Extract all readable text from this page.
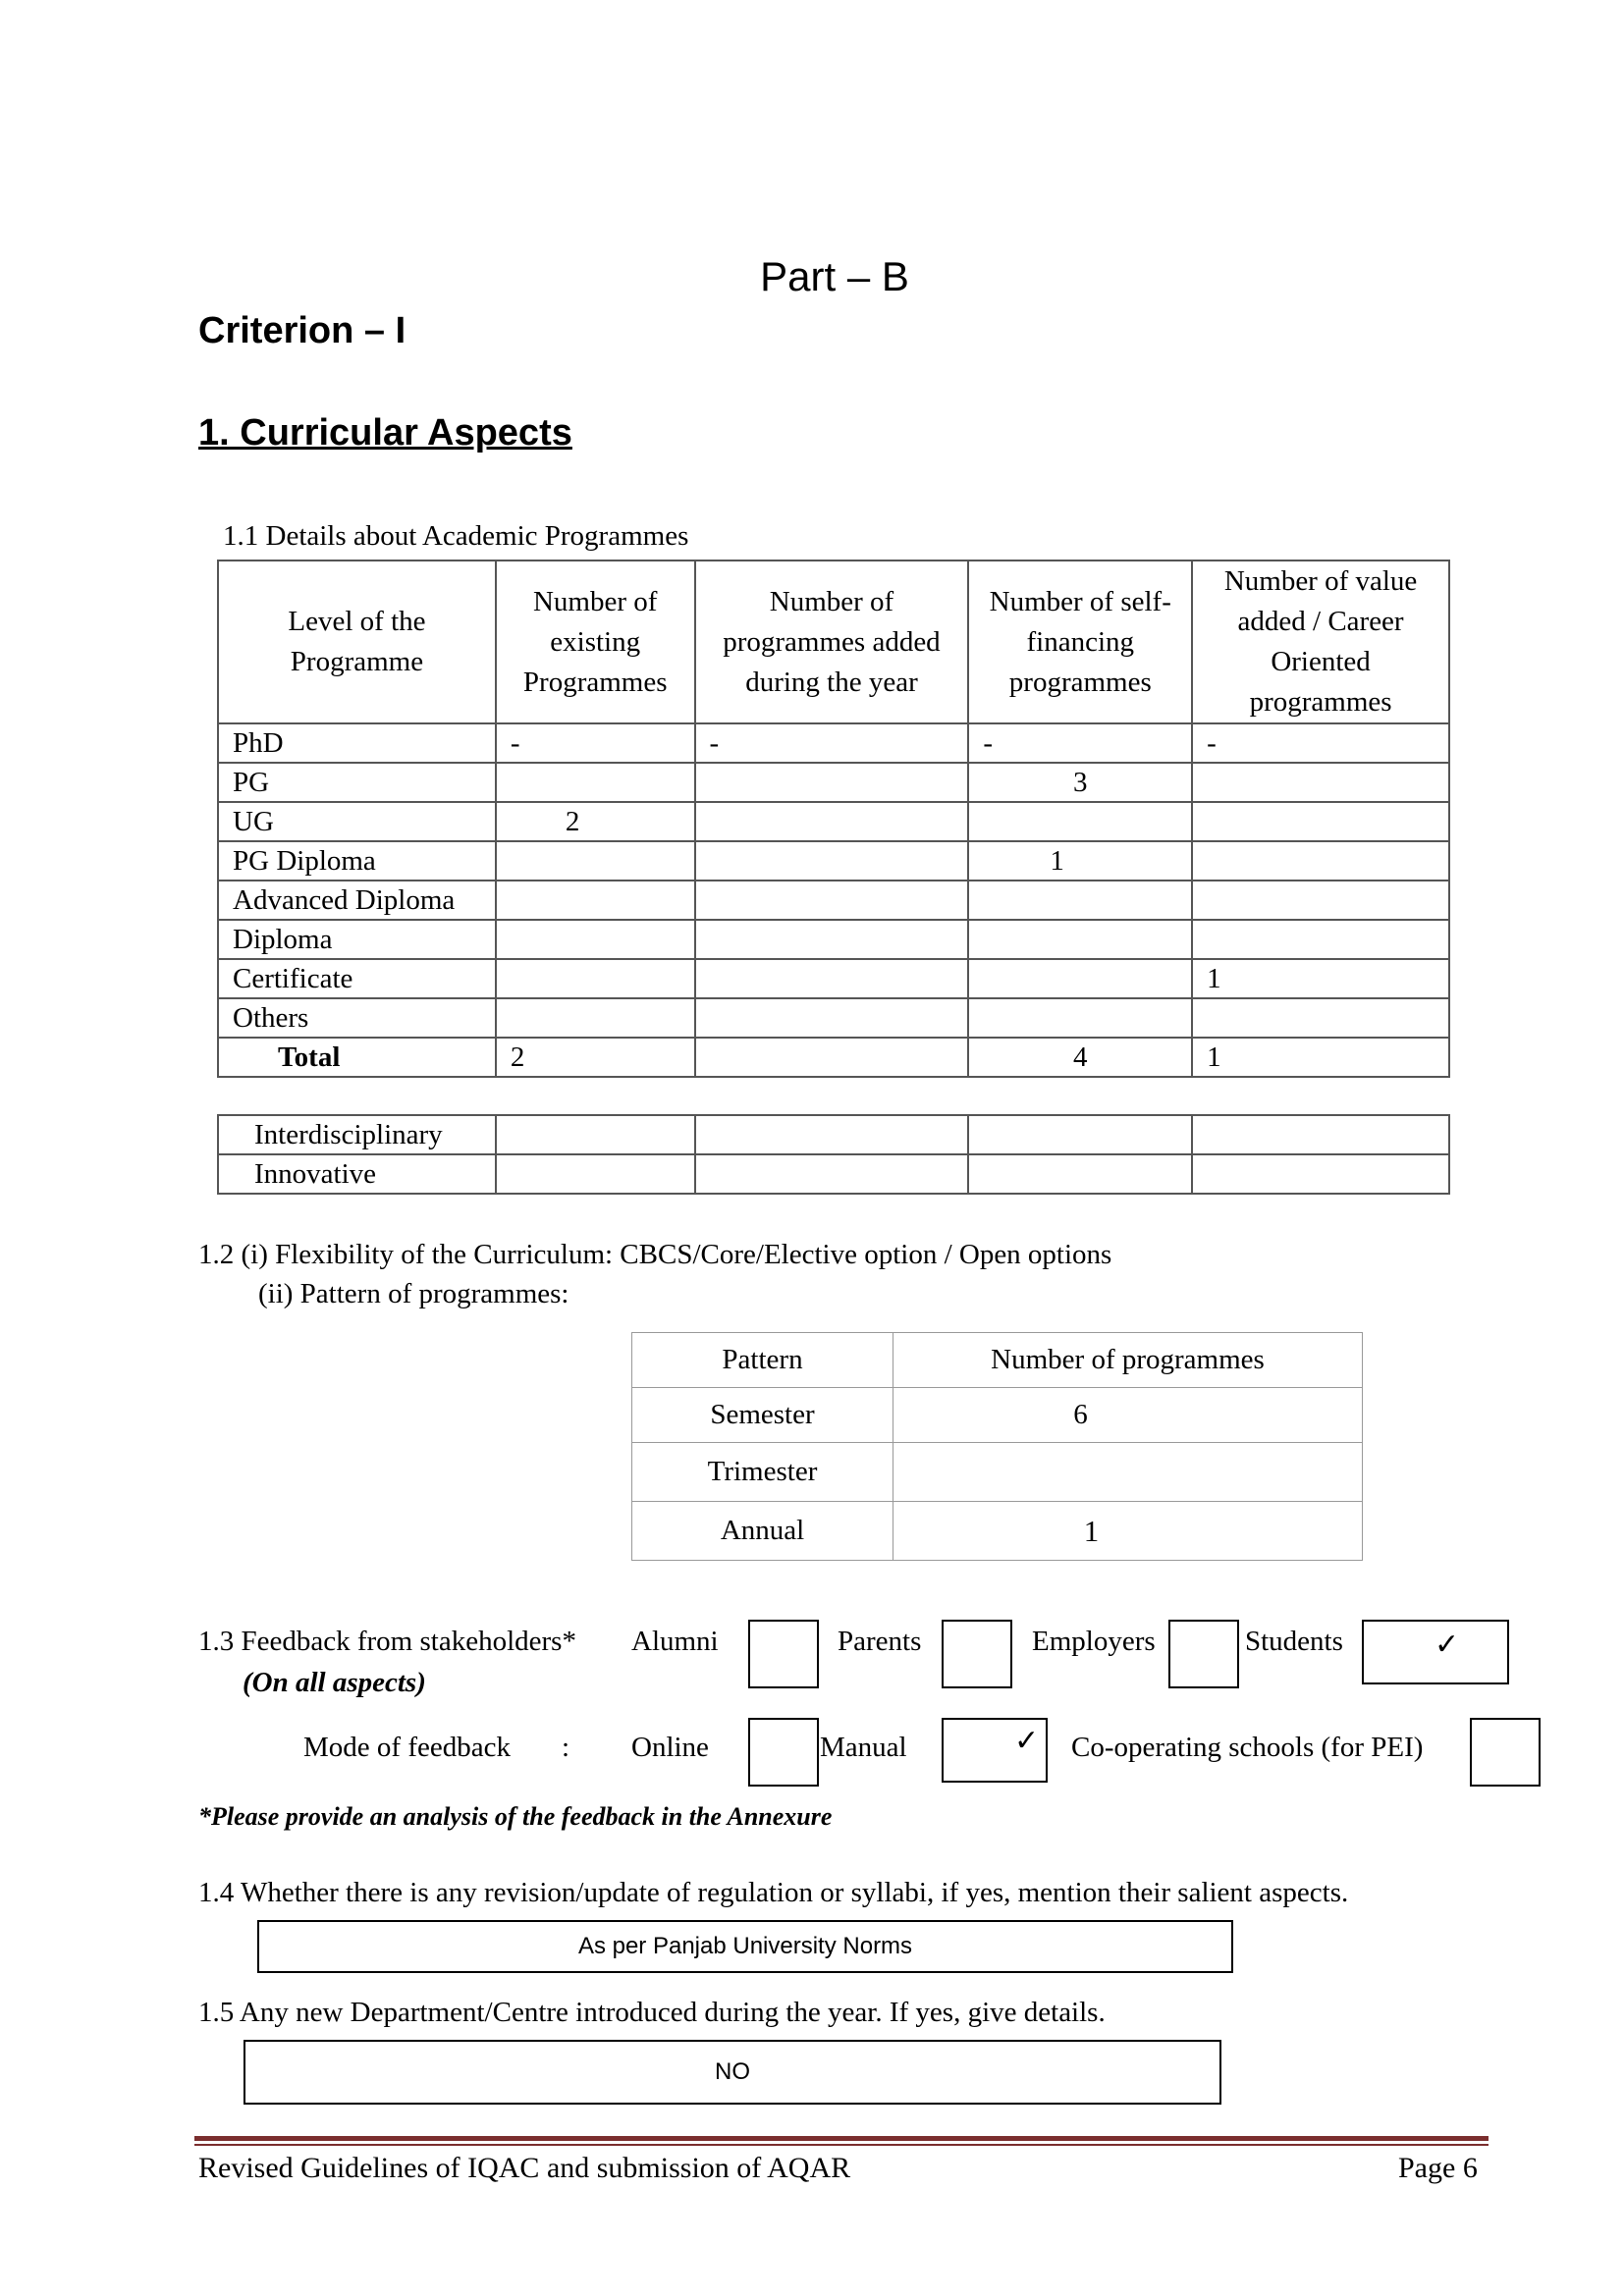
Part – B
Criterion – I
1. Curricular Aspects
1.1 Details about Academic Programmes
Level of the Programme	Number of existing Programmes	Number of programmes added during the year	Number of self-financing programmes	Number of value added / Career Oriented programmes
PhD	-	-	-	-
PG			3	
UG	2			
PG Diploma			1	
Advanced Diploma				
Diploma				
Certificate				1
Others				
Total	2		4	1
Interdisciplinary				
Innovative				
1.2 (i) Flexibility of the Curriculum: CBCS/Core/Elective option / Open options
(ii) Pattern of programmes:
Pattern	Number of programmes
Semester	6
Trimester	
Annual	1
1.3 Feedback from stakeholders*
(On all aspects)
Alumni	Parents	Employers	Students	✓
Mode of feedback : Online	Manual	✓	Co-operating schools (for PEI)
*Please provide an analysis of the feedback in the Annexure
1.4 Whether there is any revision/update of regulation or syllabi, if yes, mention their salient aspects.
As per Panjab University Norms
1.5 Any new Department/Centre introduced during the year. If yes, give details.
NO
Revised Guidelines of IQAC and submission of AQAR	Page 6
